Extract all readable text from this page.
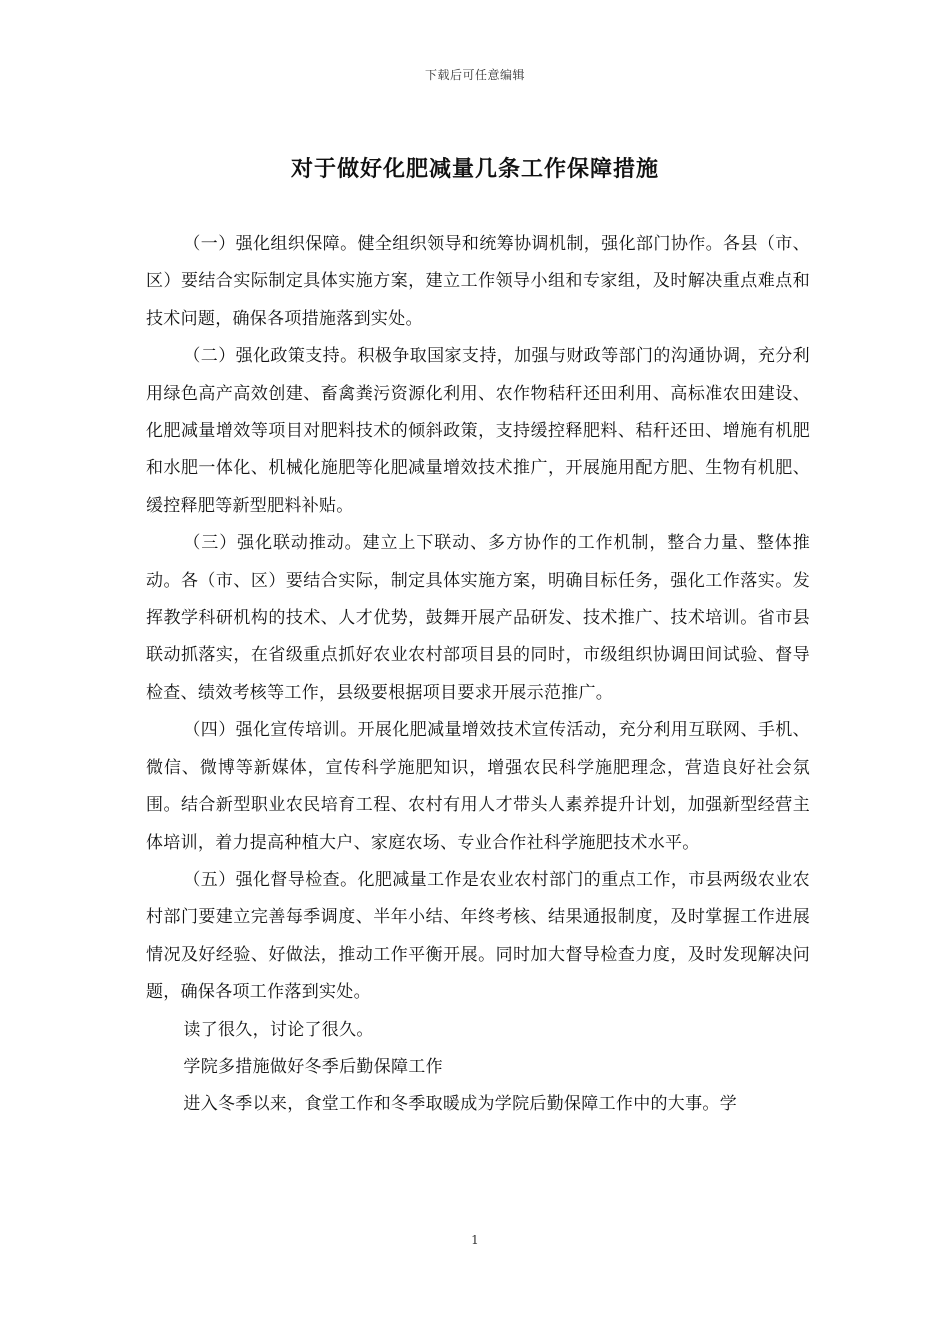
下载后可任意编辑
对于做好化肥减量几条工作保障措施

（一）强化组织保障。健全组织领导和统筹协调机制，强化部门协作。各县（市、区）要结合实际制定具体实施方案，建立工作领导小组和专家组，及时解决重点难点和技术问题，确保各项措施落到实处。

（二）强化政策支持。积极争取国家支持，加强与财政等部门的沟通协调，充分利用绿色高产高效创建、畜禽粪污资源化利用、农作物秸秆还田利用、高标准农田建设、化肥减量增效等项目对肥料技术的倾斜政策，支持缓控释肥料、秸秆还田、增施有机肥和水肥一体化、机械化施肥等化肥减量增效技术推广，开展施用配方肥、生物有机肥、缓控释肥等新型肥料补贴。

（三）强化联动推动。建立上下联动、多方协作的工作机制，整合力量、整体推动。各（市、区）要结合实际，制定具体实施方案，明确目标任务，强化工作落实。发挥教学科研机构的技术、人才优势，鼓舞开展产品研发、技术推广、技术培训。省市县联动抓落实，在省级重点抓好农业农村部项目县的同时，市级组织协调田间试验、督导检查、绩效考核等工作，县级要根据项目要求开展示范推广。

（四）强化宣传培训。开展化肥减量增效技术宣传活动，充分利用互联网、手机、微信、微博等新媒体，宣传科学施肥知识，增强农民科学施肥理念，营造良好社会氛围。结合新型职业农民培育工程、农村有用人才带头人素养提升计划，加强新型经营主体培训，着力提高种植大户、家庭农场、专业合作社科学施肥技术水平。

（五）强化督导检查。化肥减量工作是农业农村部门的重点工作，市县两级农业农村部门要建立完善每季调度、半年小结、年终考核、结果通报制度，及时掌握工作进展情况及好经验、好做法，推动工作平衡开展。同时加大督导检查力度，及时发现解决问题，确保各项工作落到实处。

读了很久，讨论了很久。

学院多措施做好冬季后勤保障工作

进入冬季以来，食堂工作和冬季取暖成为学院后勤保障工作中的大事。学

1
